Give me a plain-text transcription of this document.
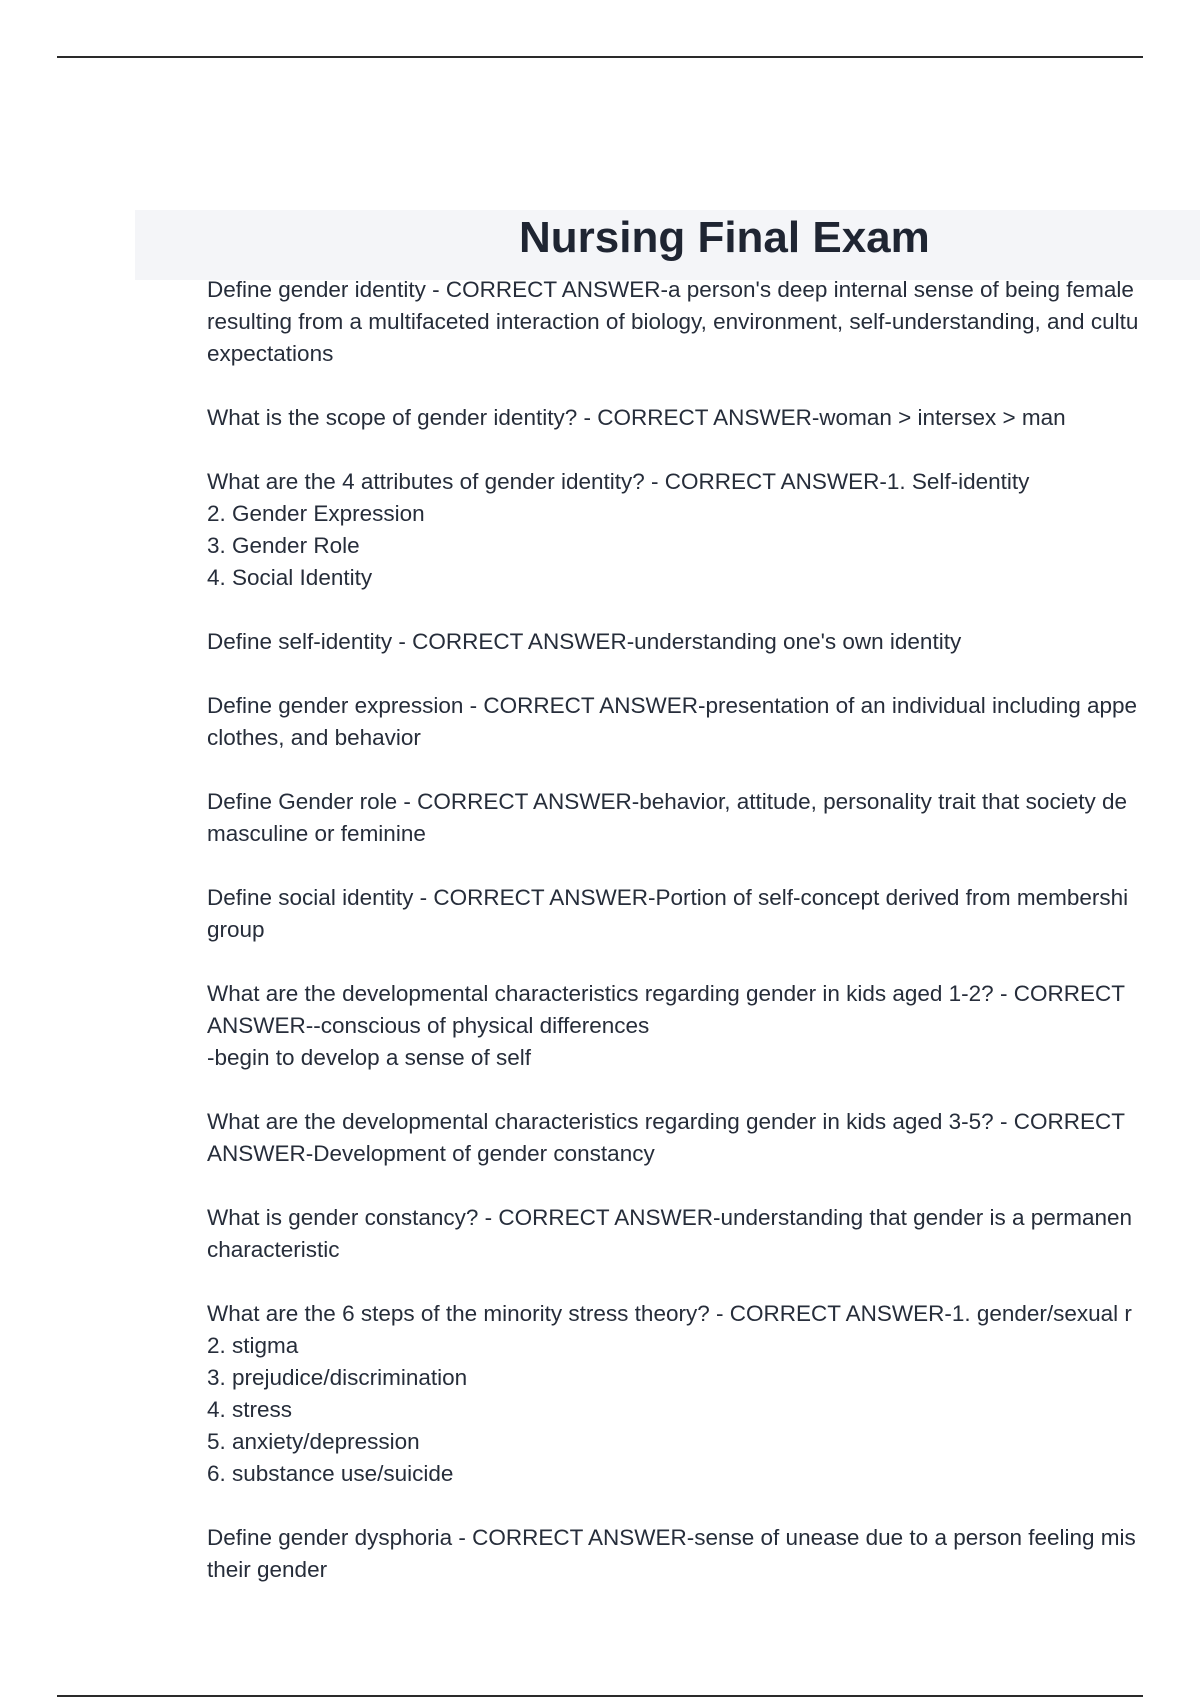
Nursing Final Exam
Define gender identity - CORRECT ANSWER-a person's deep internal sense of being female
resulting from a multifaceted interaction of biology, environment, self-understanding, and cultu
expectations
What is the scope of gender identity? - CORRECT ANSWER-woman > intersex > man
What are the 4 attributes of gender identity? - CORRECT ANSWER-1. Self-identity
2. Gender Expression
3. Gender Role
4. Social Identity
Define self-identity - CORRECT ANSWER-understanding one's own identity
Define gender expression - CORRECT ANSWER-presentation of an individual including appe
clothes, and behavior
Define Gender role - CORRECT ANSWER-behavior, attitude, personality trait that society de
masculine or feminine
Define social identity - CORRECT ANSWER-Portion of self-concept derived from membershi
group
What are the developmental characteristics regarding gender in kids aged 1-2? - CORRECT
ANSWER--conscious of physical differences
-begin to develop a sense of self
What are the developmental characteristics regarding gender in kids aged 3-5? - CORRECT
ANSWER-Development of gender constancy
What is gender constancy? - CORRECT ANSWER-understanding that gender is a permanen
characteristic
What are the 6 steps of the minority stress theory? - CORRECT ANSWER-1. gender/sexual r
2. stigma
3. prejudice/discrimination
4. stress
5. anxiety/depression
6. substance use/suicide
Define gender dysphoria - CORRECT ANSWER-sense of unease due to a person feeling mis
their gender
